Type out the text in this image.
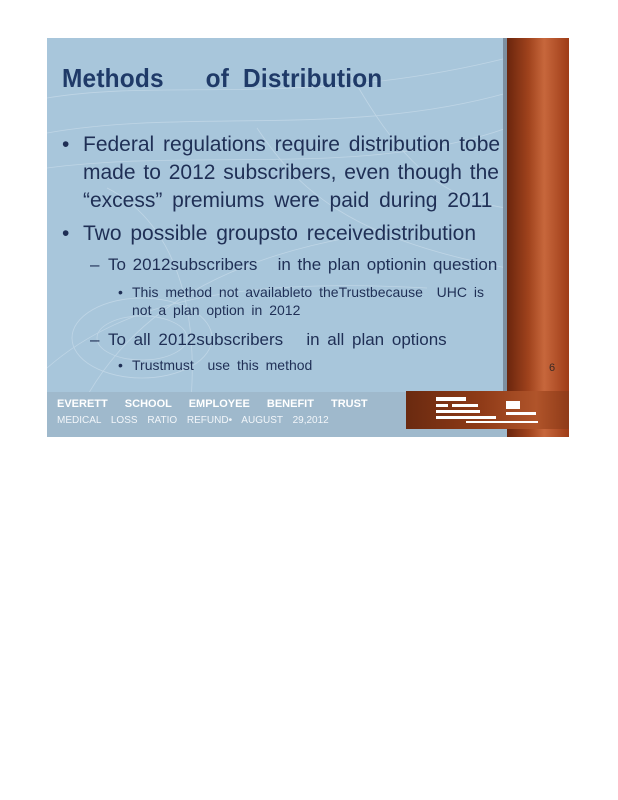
Methods      of  Distribution
• Federal regulations require distribution tobe
made to 2012 subscribers, even though the
“excess” premiums were paid during 2011
• Two possible groupsto receivedistribution
– To 2012subscribers   in the plan optionin question
• This method not availableto theTrustbecause  UHC is
not a plan option in 2012
– To all 2012subscribers   in all plan options
• Trustmust  use this method	6
EVERETT SCHOOL EMPLOYEE BENEFIT TRUST
MEDICAL LOSS RATIO REFUND• AUGUST 29,2012
